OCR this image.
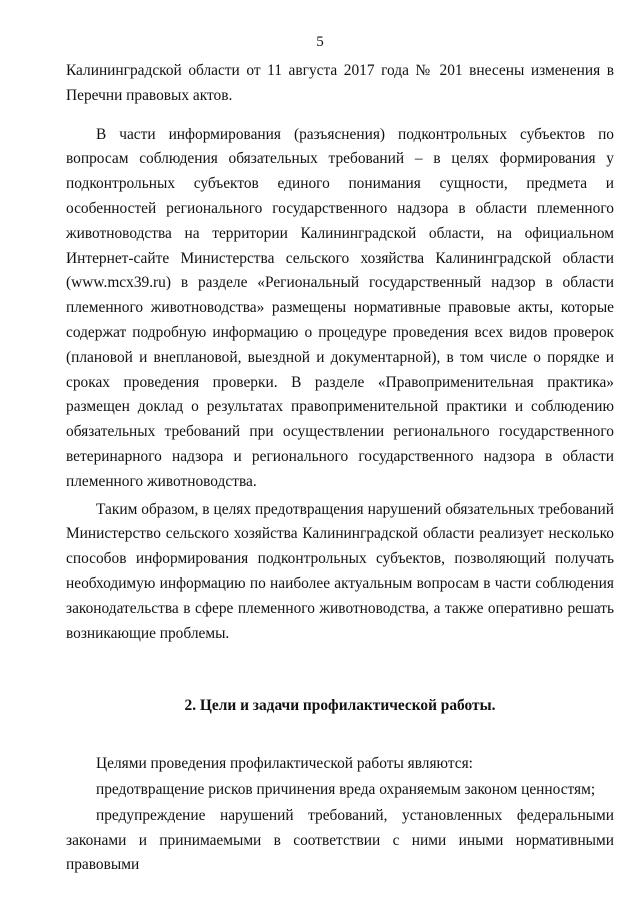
5

Калининградской области от 11 августа 2017 года № 201 внесены изменения в Перечни правовых актов.

В части информирования (разъяснения) подконтрольных субъектов по вопросам соблюдения обязательных требований – в целях формирования у подконтрольных субъектов единого понимания сущности, предмета и особенностей регионального государственного надзора в области племенного животноводства на территории Калининградской области, на официальном Интернет-сайте Министерства сельского хозяйства Калининградской области (www.mcx39.ru) в разделе «Региональный государственный надзор в области племенного животноводства» размещены нормативные правовые акты, которые содержат подробную информацию о процедуре проведения всех видов проверок (плановой и внеплановой, выездной и документарной), в том числе о порядке и сроках проведения проверки. В разделе «Правоприменительная практика» размещен доклад о результатах правоприменительной практики и соблюдению обязательных требований при осуществлении регионального государственного ветеринарного надзора и регионального государственного надзора в области племенного животноводства.

Таким образом, в целях предотвращения нарушений обязательных требований Министерство сельского хозяйства Калининградской области реализует несколько способов информирования подконтрольных субъектов, позволяющий получать необходимую информацию по наиболее актуальным вопросам в части соблюдения законодательства в сфере племенного животноводства, а также оперативно решать возникающие проблемы.

2. Цели и задачи профилактической работы.

Целями проведения профилактической работы являются:

предотвращение рисков причинения вреда охраняемым законом ценностям;

предупреждение нарушений требований, установленных федеральными законами и принимаемыми в соответствии с ними иными нормативными правовыми
